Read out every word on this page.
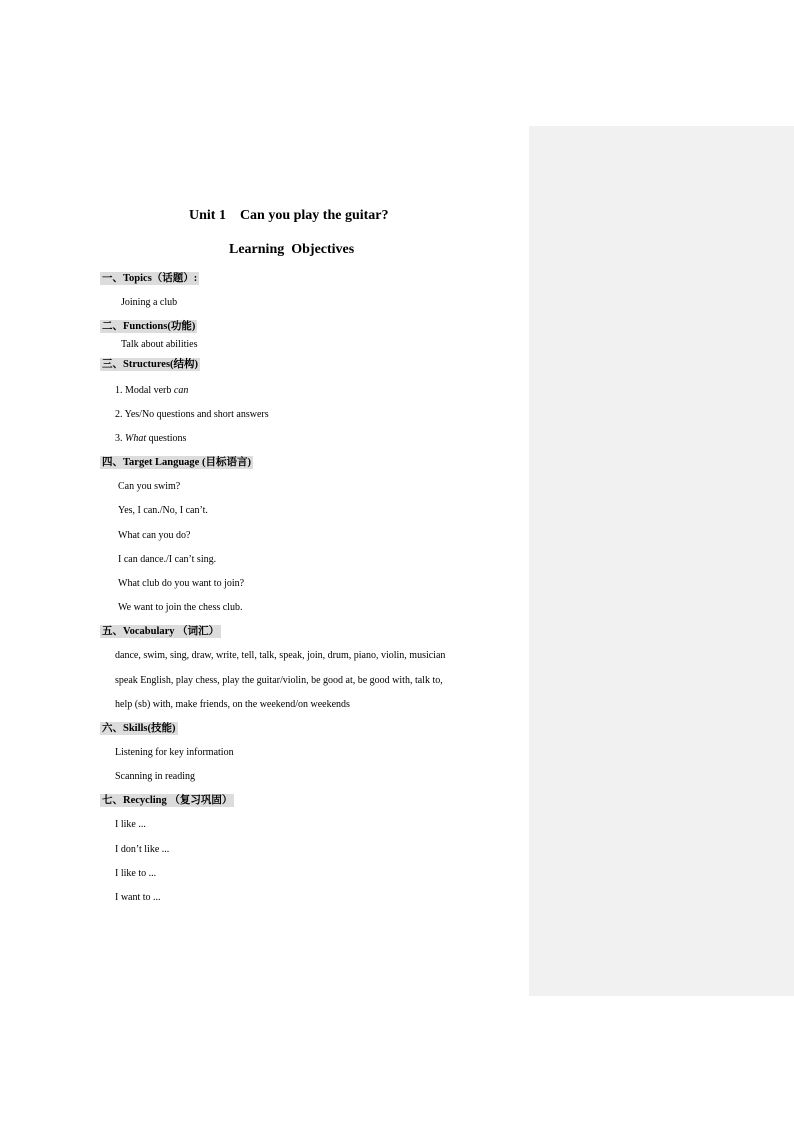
Unit 1    Can you play the guitar?
Learning  Objectives
一、Topics（话题）:
Joining a club
二、Functions(功能)
Talk about abilities
三、Structures(结构)
1. Modal verb can
2. Yes/No questions and short answers
3. What questions
四、Target Language (目标语言)
Can you swim?
Yes, I can./No, I can’t.
What can you do?
I can dance./I can’t sing.
What club do you want to join?
We want to join the chess club.
五、Vocabulary （词汇）
dance, swim, sing, draw, write, tell, talk, speak, join, drum, piano, violin, musician
speak English, play chess, play the guitar/violin, be good at, be good with, talk to,
help (sb) with, make friends, on the weekend/on weekends
六、Skills(技能)
Listening for key information
Scanning in reading
七、Recycling （复习巩固）
I like ...
I don’t like ...
I like to ...
I want to ...
